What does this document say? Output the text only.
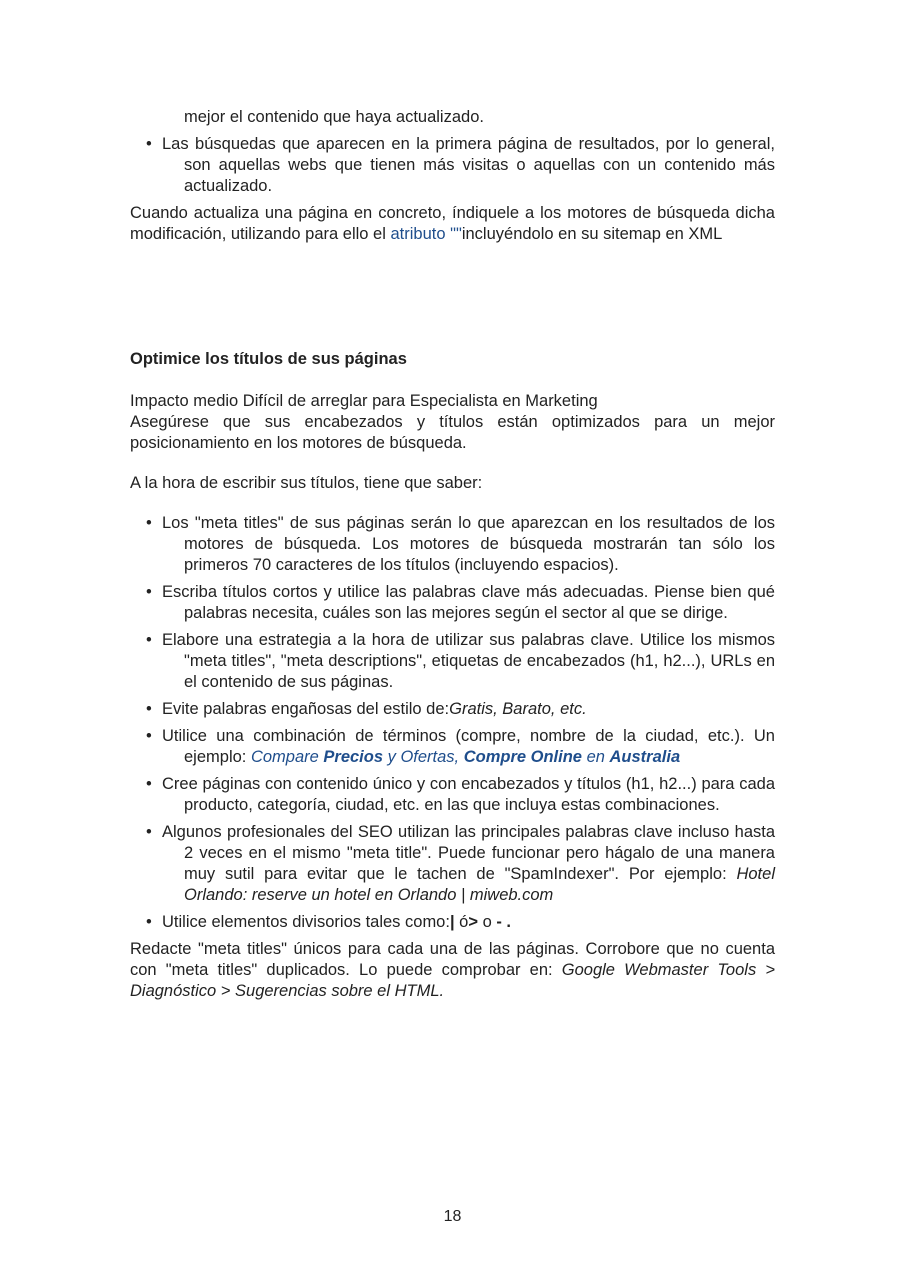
mejor el contenido que haya actualizado.

• Las búsquedas que aparecen en la primera página de resultados, por lo general, son aquellas webs que tienen más visitas o aquellas con un contenido más actualizado.

Cuando actualiza una página en concreto, índiquele a los motores de búsqueda dicha modificación, utilizando para ello el atributo ""incluyéndolo en su sitemap en XML

Optimice los títulos de sus páginas

Impacto medio Difícil de arreglar para Especialista en Marketing

Asegúrese que sus encabezados y títulos están optimizados para un mejor posicionamiento en los motores de búsqueda.

A la hora de escribir sus títulos, tiene que saber:

• Los "meta titles" de sus páginas serán lo que aparezcan en los resultados de los motores de búsqueda. Los motores de búsqueda mostrarán tan sólo los primeros 70 caracteres de los títulos (incluyendo espacios).
• Escriba títulos cortos y utilice las palabras clave más adecuadas. Piense bien qué palabras necesita, cuáles son las mejores según el sector al que se dirige.
• Elabore una estrategia a la hora de utilizar sus palabras clave. Utilice los mismos "meta titles", "meta descriptions", etiquetas de encabezados (h1, h2...), URLs en el contenido de sus páginas.
• Evite palabras engañosas del estilo de:Gratis, Barato, etc.
• Utilice una combinación de términos (compre, nombre de la ciudad, etc.). Un ejemplo: Compare Precios y Ofertas, Compre Online en Australia
• Cree páginas con contenido único y con encabezados y títulos (h1, h2...) para cada producto, categoría, ciudad, etc. en las que incluya estas combinaciones.
• Algunos profesionales del SEO utilizan las principales palabras clave incluso hasta 2 veces en el mismo "meta title". Puede funcionar pero hágalo de una manera muy sutil para evitar que le tachen de "SpamIndexer". Por ejemplo: Hotel Orlando: reserve un hotel en Orlando | miweb.com
• Utilice elementos divisorios tales como:| ó> o - .

Redacte "meta titles" únicos para cada una de las páginas. Corrobore que no cuenta con "meta titles" duplicados. Lo puede comprobar en: Google Webmaster Tools > Diagnóstico > Sugerencias sobre el HTML.

18
